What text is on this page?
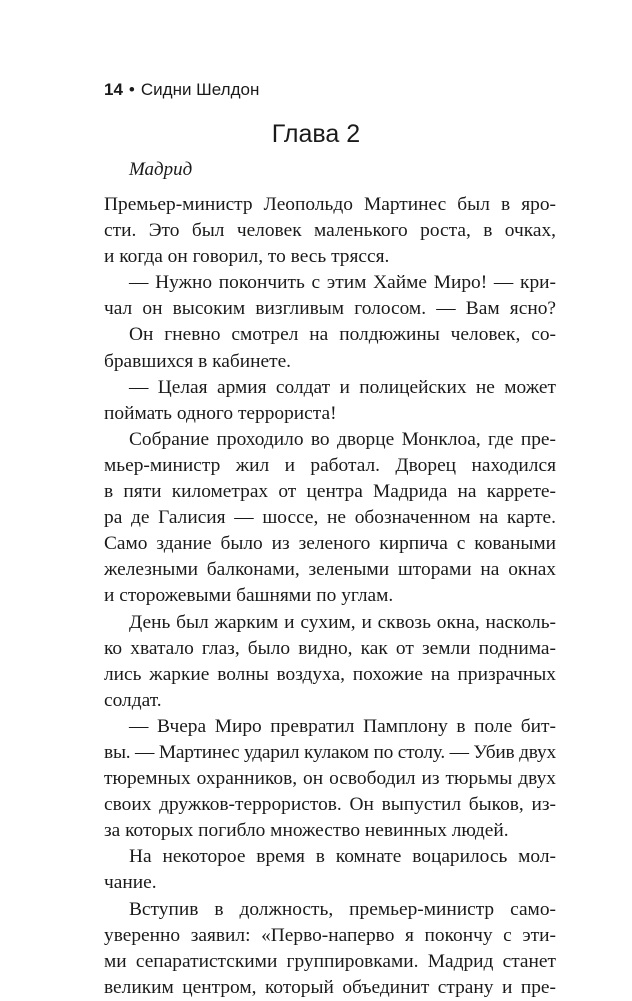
14 • Сидни Шелдон
Глава 2
Мадрид
Премьер-министр Леопольдо Мартинес был в яро-
сти. Это был человек маленького роста, в очках,
и когда он говорил, то весь трясся.
— Нужно покончить с этим Хайме Миро! — кри-
чал он высоким визгливым голосом. — Вам ясно?
Он гневно смотрел на полдюжины человек, со-
бравшихся в кабинете.
— Целая армия солдат и полицейских не может
поймать одного террориста!
Собрание проходило во дворце Монклоа, где пре-
мьер-министр жил и работал. Дворец находился
в пяти километрах от центра Мадрида на каррете-
ра де Галисия — шоссе, не обозначенном на карте.
Само здание было из зеленого кирпича с коваными
железными балконами, зелеными шторами на окнах
и сторожевыми башнями по углам.
День был жарким и сухим, и сквозь окна, насколь-
ко хватало глаз, было видно, как от земли поднима-
лись жаркие волны воздуха, похожие на призрачных
солдат.
— Вчера Миро превратил Памплону в поле бит-
вы. — Мартинес ударил кулаком по столу. — Убив двух
тюремных охранников, он освободил из тюрьмы двух
своих дружков-террористов. Он выпустил быков, из-
за которых погибло множество невинных людей.
На некоторое время в комнате воцарилось мол-
чание.
Вступив в должность, премьер-министр само-
уверенно заявил: «Перво-наперво я покончу с эти-
ми сепаратистскими группировками. Мадрид станет
великим центром, который объединит страну и пре-
